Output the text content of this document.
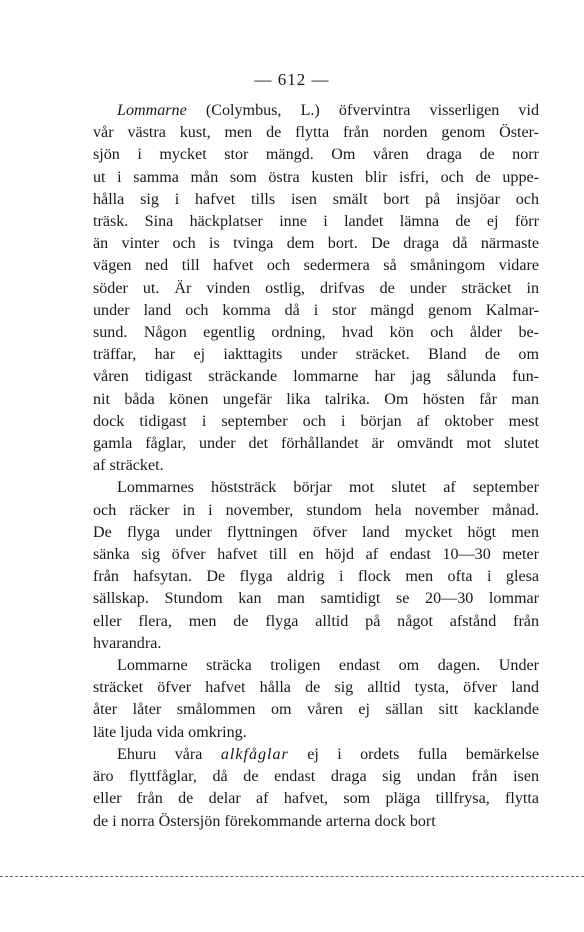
— 612 —
Lommarne (Colymbus, L.) öfvervintra visserligen vid
vår västra kust, men de flytta från norden genom Öster-
sjön i mycket stor mängd. Om våren draga de norr
ut i samma mån som östra kusten blir isfri, och de uppe-
hålla sig i hafvet tills isen smält bort på insjöar och
träsk. Sina häckplatser inne i landet lämna de ej förr
än vinter och is tvinga dem bort. De draga då närmaste
vägen ned till hafvet och sedermera så småningom vidare
söder ut. Är vinden ostlig, drifvas de under sträcket in
under land och komma då i stor mängd genom Kalmar-
sund. Någon egentlig ordning, hvad kön och ålder be-
träffar, har ej iakttagits under sträcket. Bland de om
våren tidigast sträckande lommarne har jag sålunda fun-
nit båda könen ungefär lika talrika. Om hösten får man
dock tidigast i september och i början af oktober mest
gamla fåglar, under det förhållandet är omvändt mot slutet
af sträcket.
Lommarnes höststräck börjar mot slutet af september
och räcker in i november, stundom hela november månad.
De flyga under flyttningen öfver land mycket högt men
sänka sig öfver hafvet till en höjd af endast 10—30 meter
från hafsytan. De flyga aldrig i flock men ofta i glesa
sällskap. Stundom kan man samtidigt se 20—30 lommar
eller flera, men de flyga alltid på något afstånd från
hvarandra.
Lommarne sträcka troligen endast om dagen. Under
sträcket öfver hafvet hålla de sig alltid tysta, öfver land
åter låter smålommen om våren ej sällan sitt kacklande
läte ljuda vida omkring.
Ehuru våra alkfåglar ej i ordets fulla bemärkelse
äro flyttfåglar, då de endast draga sig undan från isen
eller från de delar af hafvet, som pläga tillfrysa, flytta
de i norra Östersjön förekommande arterna dock bort
